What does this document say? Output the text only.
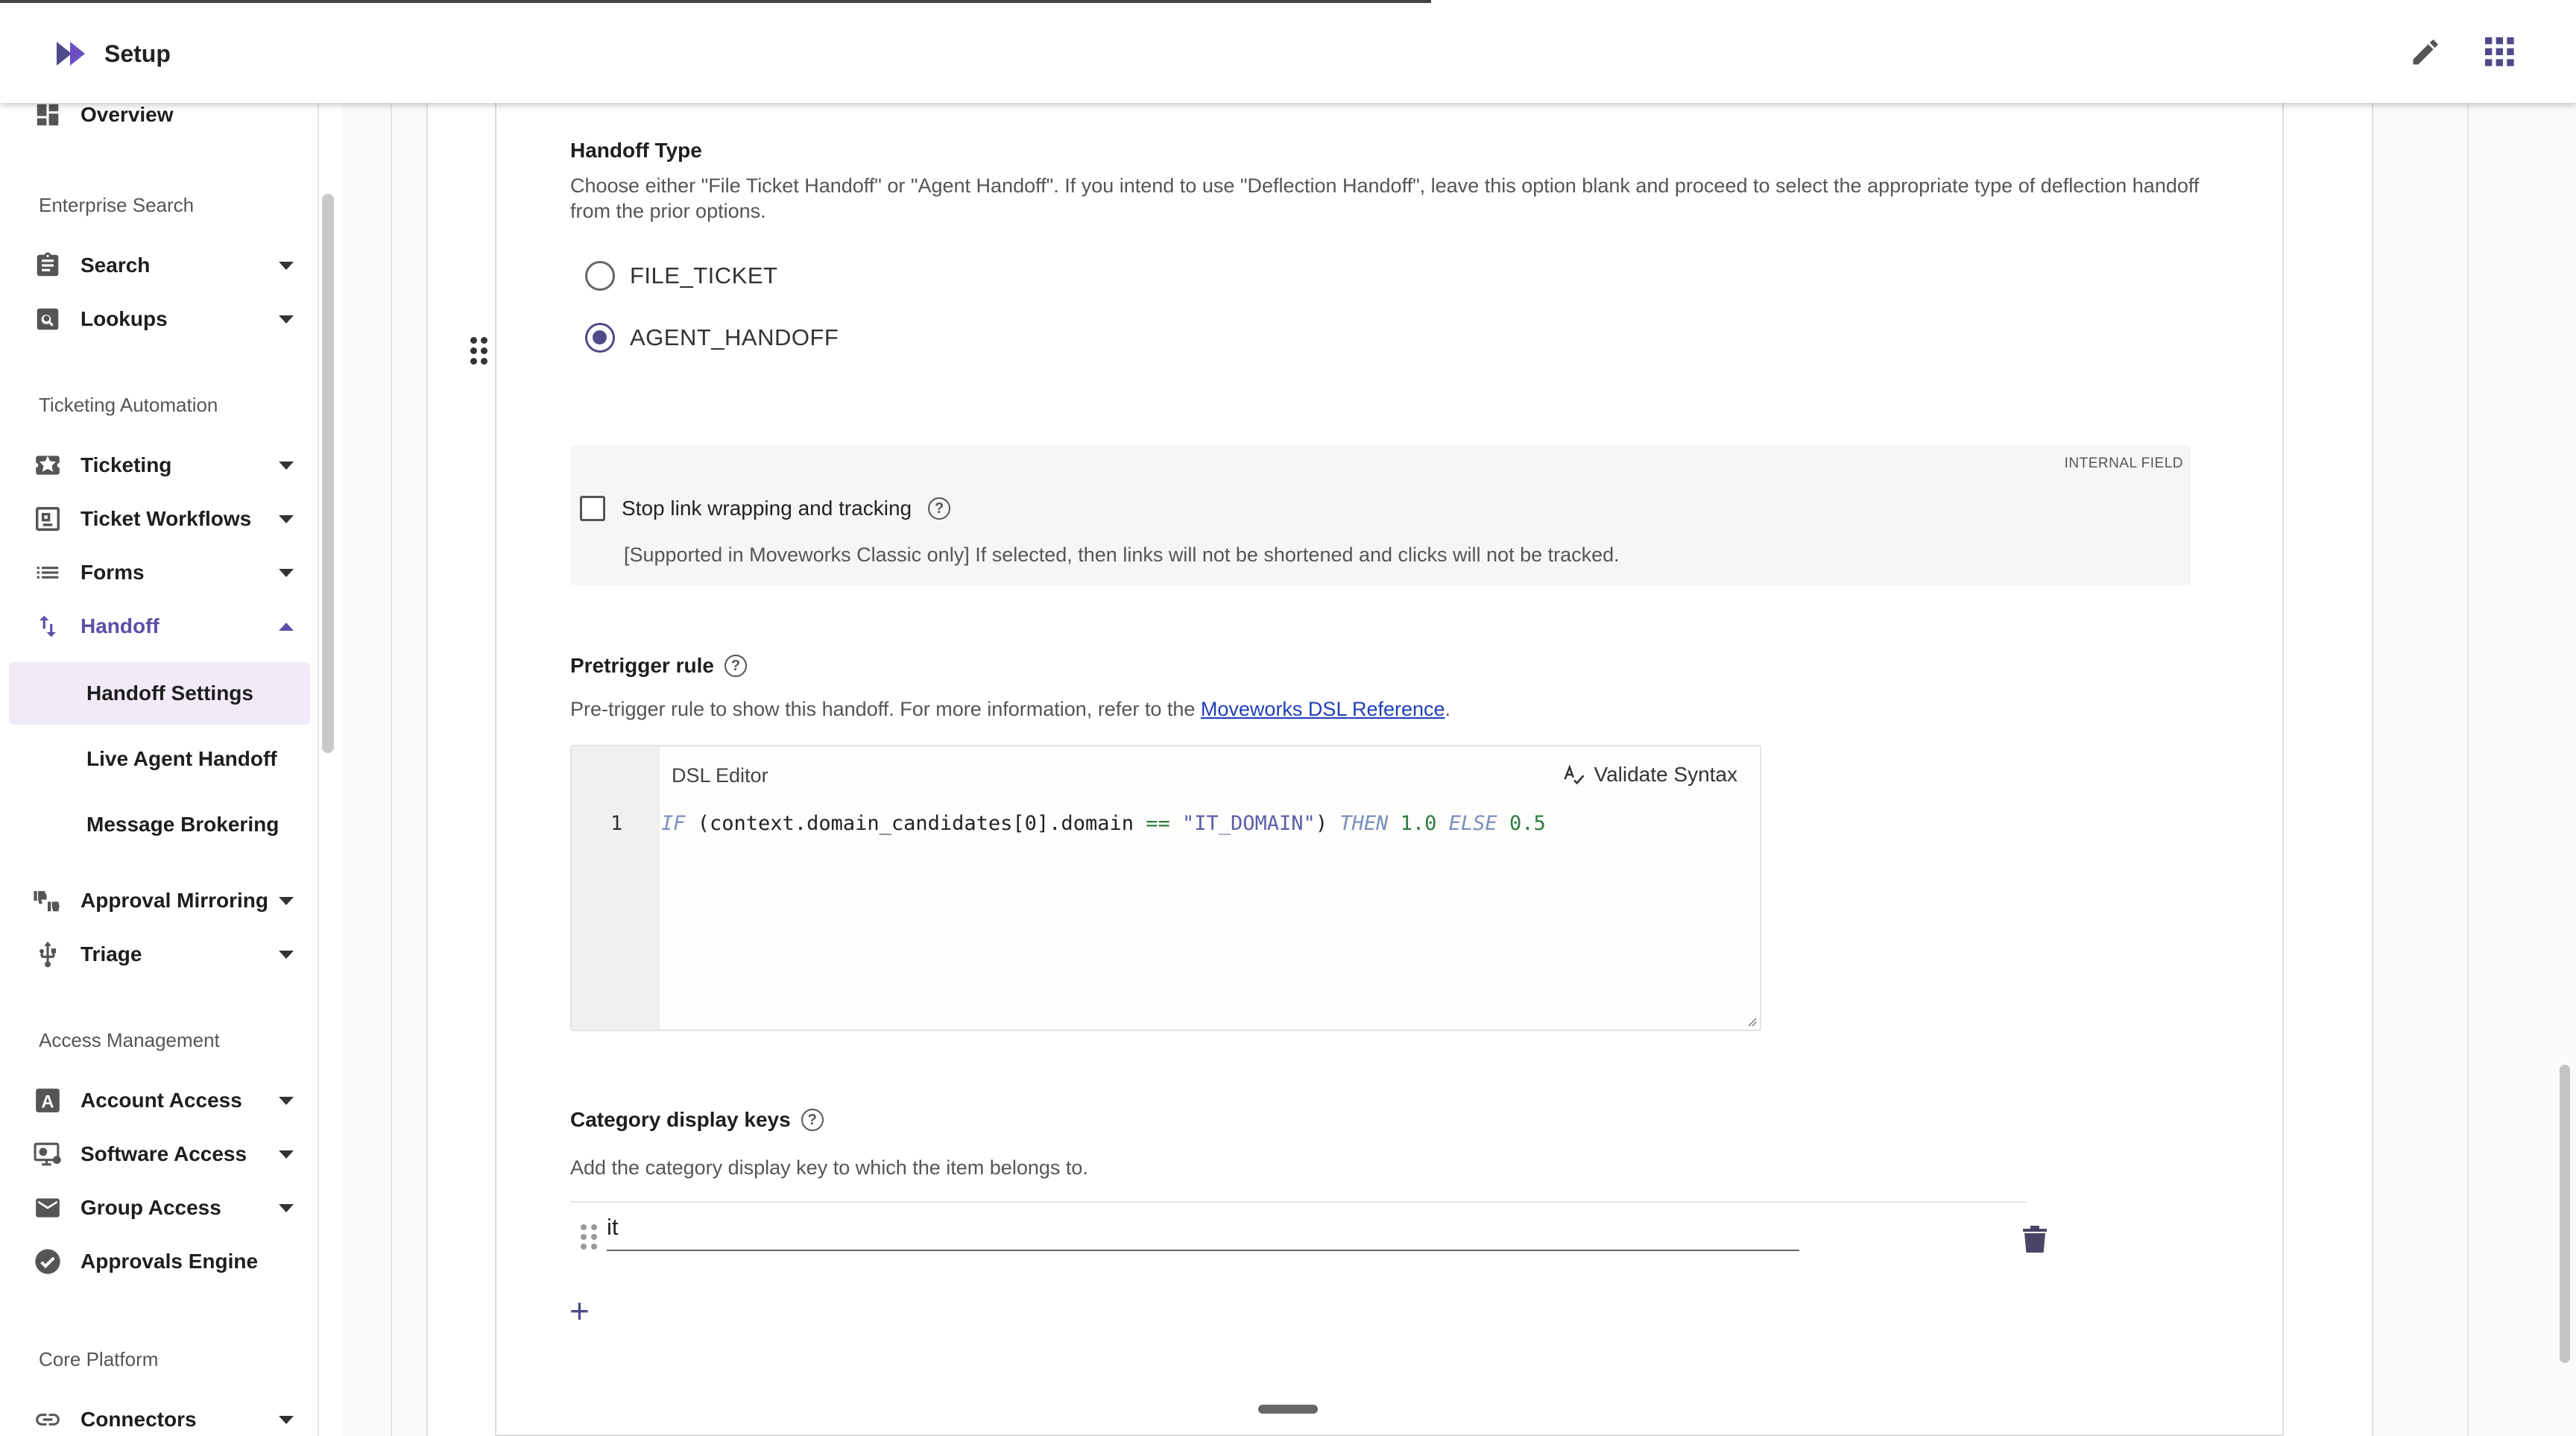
Setup
Overview
Enterprise Search
Search
Lookups
Ticketing Automation
Ticketing
Ticket Workflows
Forms
Handoff
Handoff Settings
Live Agent Handoff
Message Brokering
Approval Mirroring
Triage
Access Management
A Account Access
Software Access
Group Access
Approvals Engine
Core Platform
Connectors
Handoff Type
Choose either "File Ticket Handoff" or "Agent Handoff". If you intend to use "Deflection Handoff", leave this option blank and proceed to select the appropriate type of deflection handoff from the prior options.
FILE_TICKET
AGENT_HANDOFF
INTERNAL FIELD
Stop link wrapping and tracking	?
[Supported in Moveworks Classic only] If selected, then links will not be shortened and clicks will not be tracked.
Pretrigger rule	?
Pre-trigger rule to show this handoff. For more information, refer to the Moveworks DSL Reference.
DSL Editor	Validate Syntax
1 IF (context.domain_candidates[0].domain == "IT_DOMAIN") THEN 1.0 ELSE 0.5
Category display keys	?
Add the category display key to which the item belongs to.
it
+
